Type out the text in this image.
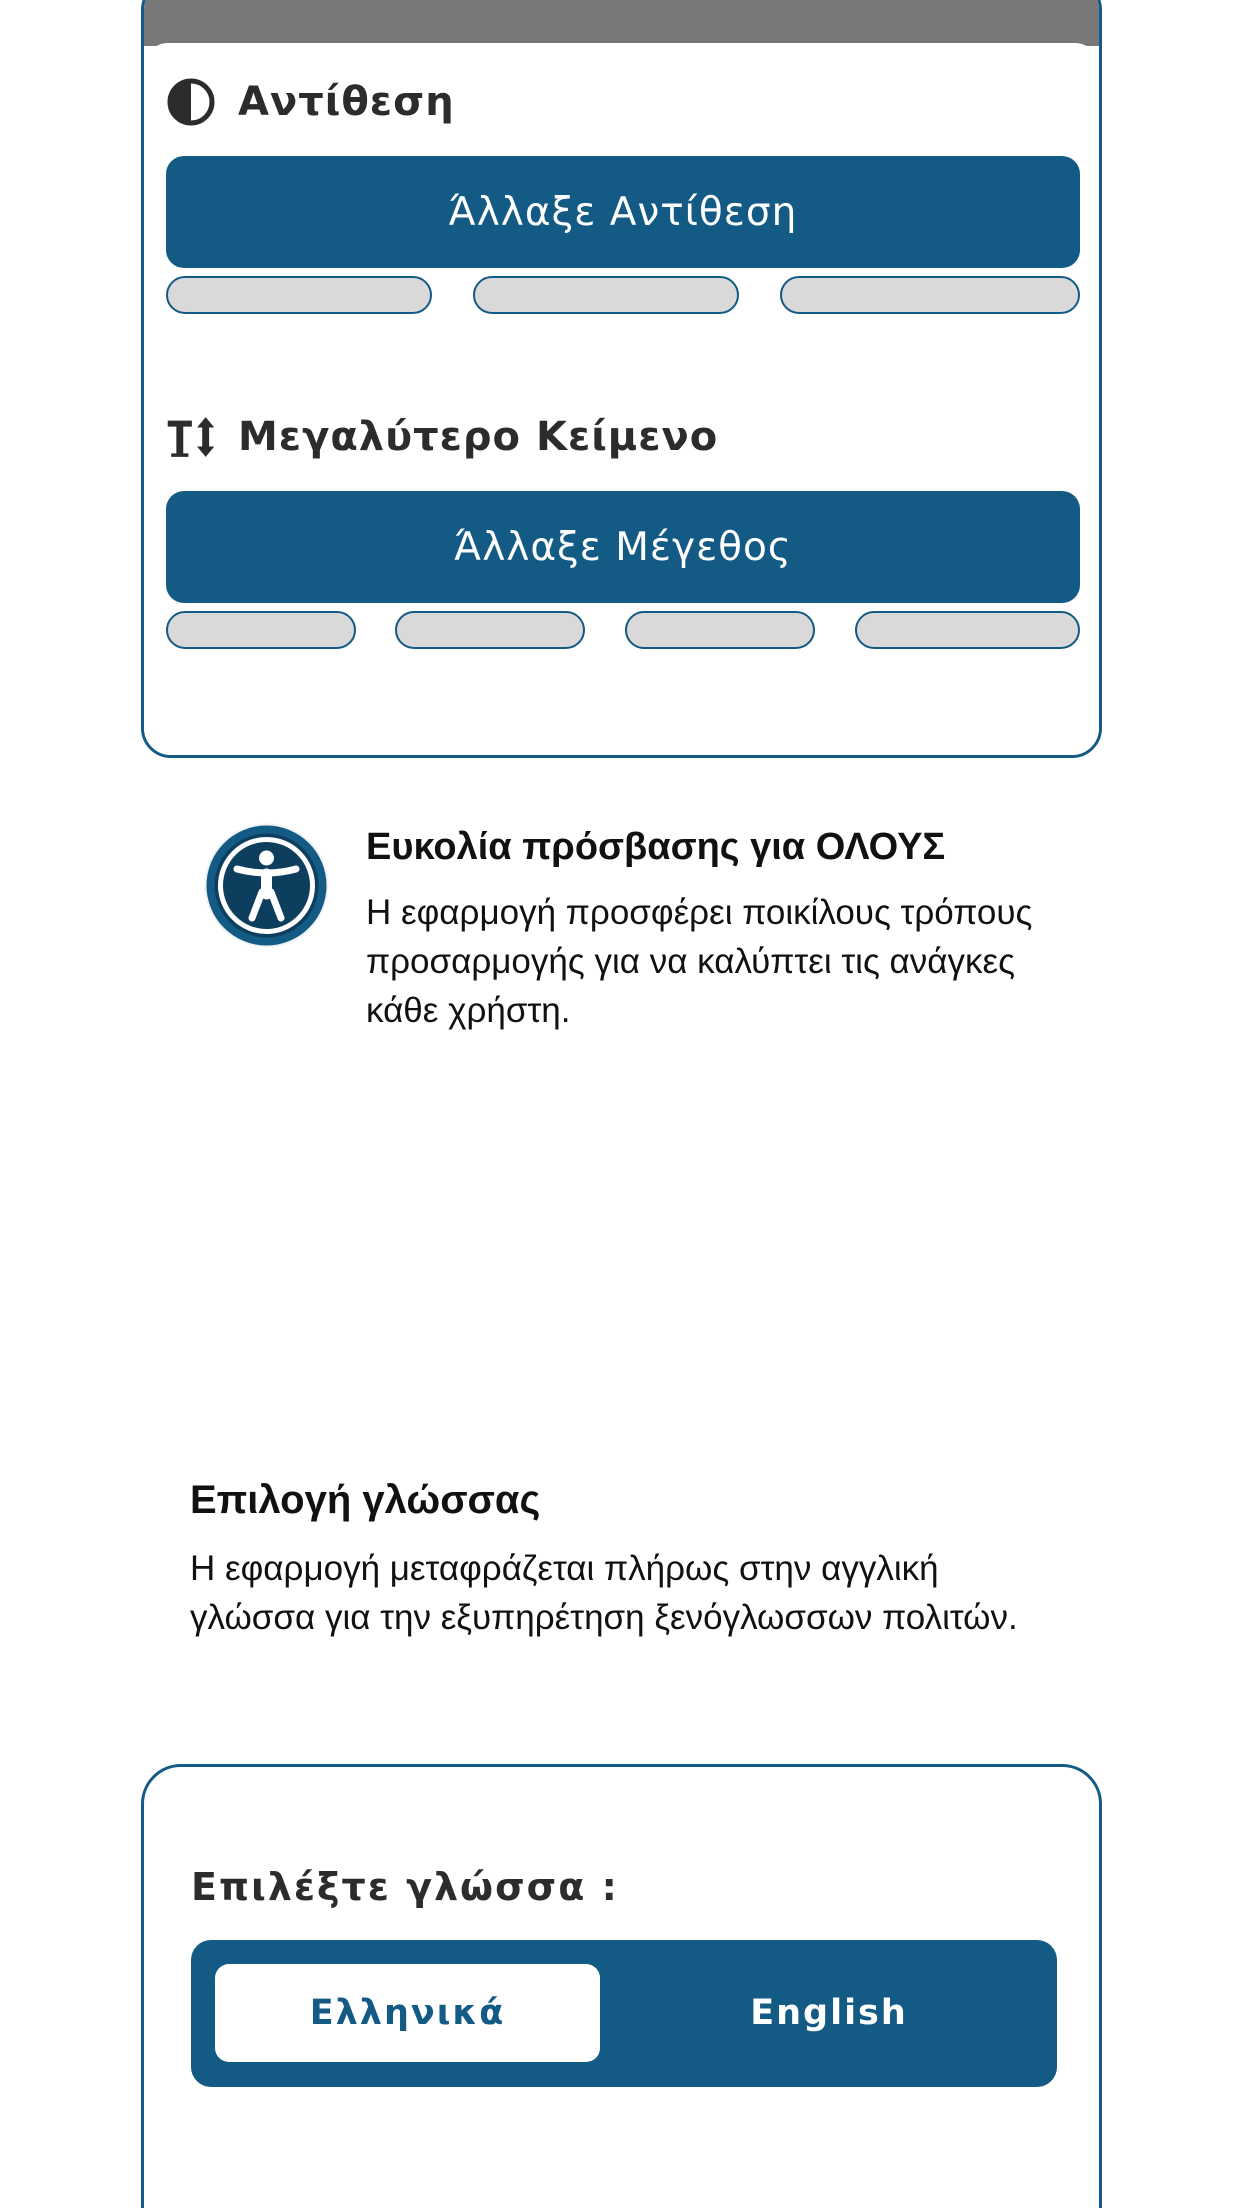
Αντίθεση
Άλλαξε Αντίθεση
Μεγαλύτερο Κείμενο
Άλλαξε Μέγεθος
Ευκολία πρόσβασης για ΟΛΟΥΣ
Η εφαρμογή προσφέρει ποικίλους τρόπους προσαρμογής για να καλύπτει τις ανάγκες κάθε χρήστη.
Επιλογή γλώσσας
Η εφαρμογή μεταφράζεται πλήρως στην αγγλική γλώσσα για την εξυπηρέτηση ξενόγλωσσων πολιτών.
Επιλέξτε γλώσσα :
Ελληνικά	English
